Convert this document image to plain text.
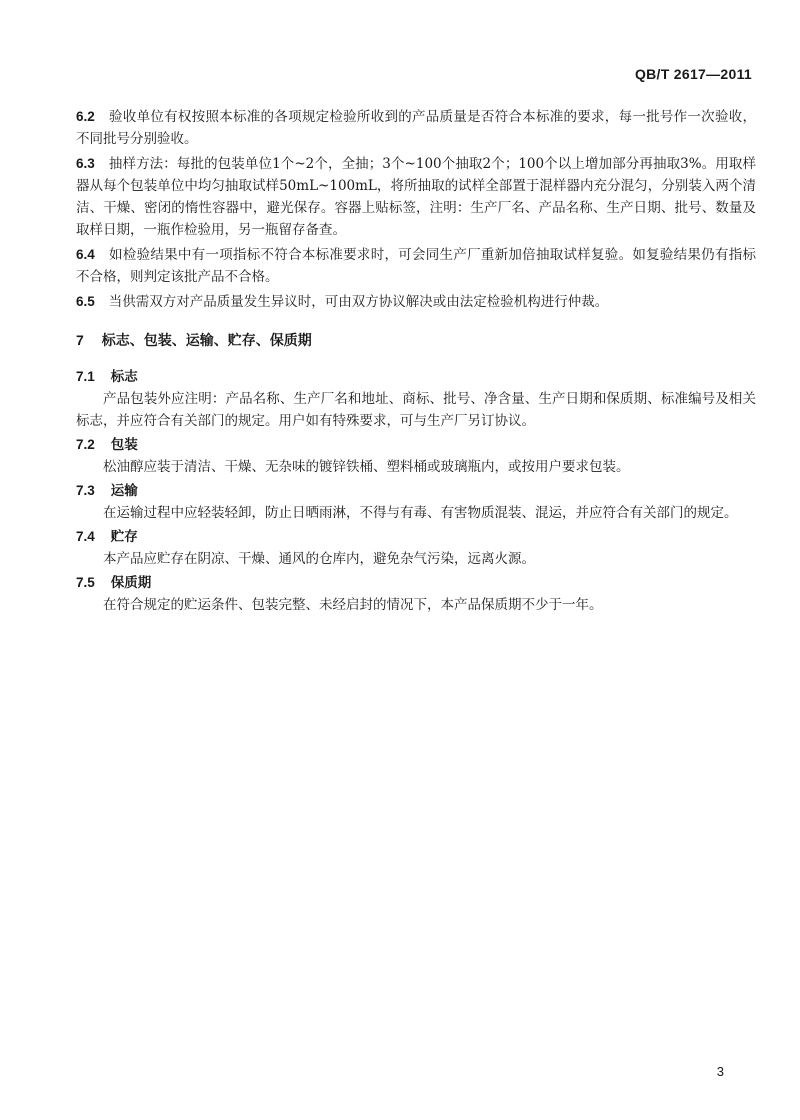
QB/T 2617—2011

6.2 验收单位有权按照本标准的各项规定检验所收到的产品质量是否符合本标准的要求，每一批号作一次验收，不同批号分别验收。

6.3 抽样方法：每批的包装单位1个~2个，全抽；3个~100个抽取2个；100个以上增加部分再抽取3%。用取样器从每个包装单位中均匀抽取试样50mL~100mL，将所抽取的试样全部置于混样器内充分混匀，分别装入两个清洁、干燥、密闭的惰性容器中，避光保存。容器上贴标签，注明：生产厂名、产品名称、生产日期、批号、数量及取样日期，一瓶作检验用，另一瓶留存备查。

6.4 如检验结果中有一项指标不符合本标准要求时，可会同生产厂重新加倍抽取试样复验。如复验结果仍有指标不合格，则判定该批产品不合格。

6.5 当供需双方对产品质量发生异议时，可由双方协议解决或由法定检验机构进行仲裁。

7 标志、包装、运输、贮存、保质期
7.1 标志
产品包装外应注明：产品名称、生产厂名和地址、商标、批号、净含量、生产日期和保质期、标准编号及相关标志，并应符合有关部门的规定。用户如有特殊要求，可与生产厂另订协议。
7.2 包装
松油醇应装于清洁、干燥、无杂味的镀锌铁桶、塑料桶或玻璃瓶内，或按用户要求包装。
7.3 运输
在运输过程中应轻装轻卸，防止日晒雨淋，不得与有毒、有害物质混装、混运，并应符合有关部门的规定。
7.4 贮存
本产品应贮存在阴凉、干燥、通风的仓库内，避免杂气污染，远离火源。
7.5 保质期
在符合规定的贮运条件、包装完整、未经启封的情况下，本产品保质期不少于一年。
3
